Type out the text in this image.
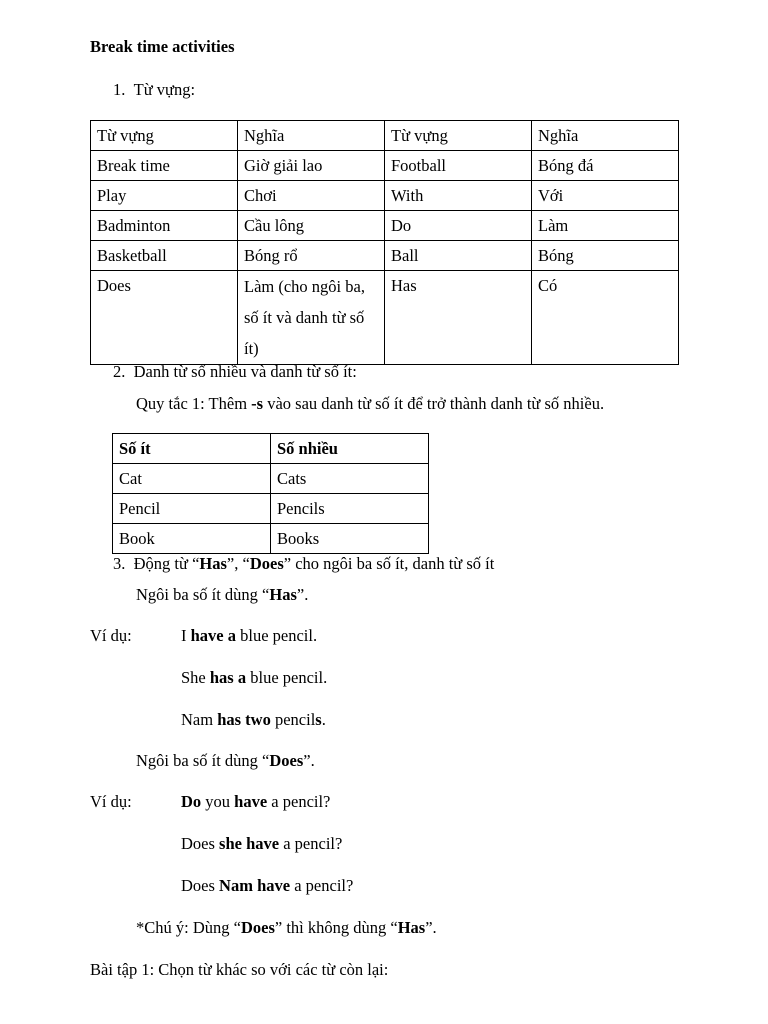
Break time activities
1. Từ vựng:
Từ vựng	Nghĩa	Từ vựng	Nghĩa
Break time	Giờ giải lao	Football	Bóng đá
Play	Chơi	With	Với
Badminton	Cầu lông	Do	Làm
Basketball	Bóng rổ	Ball	Bóng
Does	Làm (cho ngôi ba, số ít và danh từ số ít)	Has	Có
2. Danh từ số nhiều và danh từ số ít:
Quy tắc 1: Thêm -s vào sau danh từ số ít để trở thành danh từ số nhiều.
Số ít	Số nhiều
Cat	Cats
Pencil	Pencils
Book	Books
3. Động từ “Has”, “Does” cho ngôi ba số ít, danh từ số ít
Ngôi ba số ít dùng “Has”.
Ví dụ:	I have a blue pencil.
She has a blue pencil.
Nam has two pencils.
Ngôi ba số ít dùng “Does”.
Ví dụ:	Do you have a pencil?
Does she have a pencil?
Does Nam have a pencil?
*Chú ý: Dùng “Does” thì không dùng “Has”.
Bài tập 1: Chọn từ khác so với các từ còn lại:
